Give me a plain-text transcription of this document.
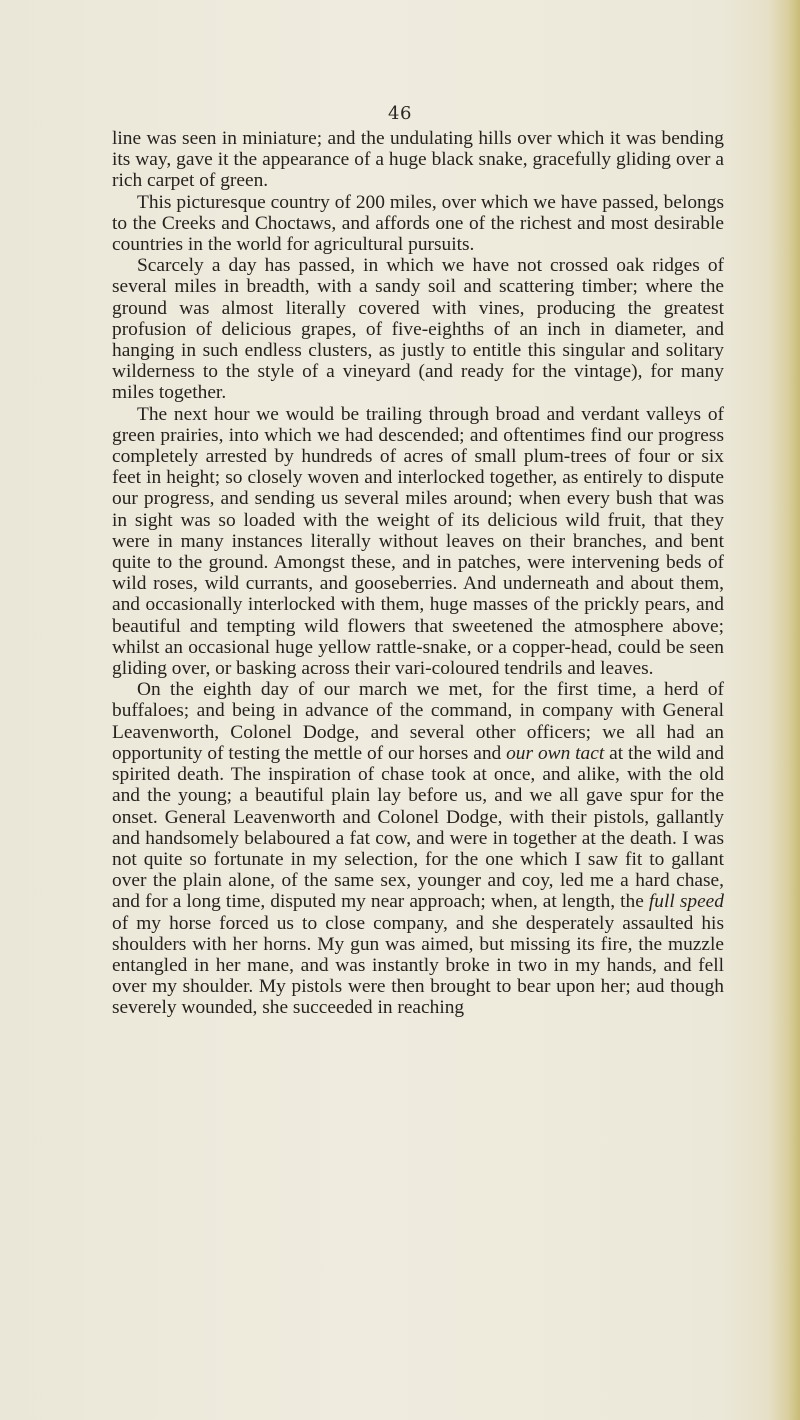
46

line was seen in miniature; and the undulating hills over which it was bending its way, gave it the appearance of a huge black snake, gracefully gliding over a rich carpet of green.

This picturesque country of 200 miles, over which we have passed, belongs to the Creeks and Choctaws, and affords one of the richest and most desirable countries in the world for agricultural pursuits.

Scarcely a day has passed, in which we have not crossed oak ridges of several miles in breadth, with a sandy soil and scattering timber; where the ground was almost literally covered with vines, producing the greatest profusion of delicious grapes, of five-eighths of an inch in diameter, and hanging in such endless clusters, as justly to entitle this singular and solitary wilderness to the style of a vineyard (and ready for the vintage), for many miles together.

The next hour we would be trailing through broad and verdant valleys of green prairies, into which we had descended; and oftentimes find our progress completely arrested by hundreds of acres of small plum-trees of four or six feet in height; so closely woven and interlocked together, as entirely to dispute our progress, and sending us several miles around; when every bush that was in sight was so loaded with the weight of its delicious wild fruit, that they were in many instances literally without leaves on their branches, and bent quite to the ground. Amongst these, and in patches, were intervening beds of wild roses, wild currants, and gooseberries. And underneath and about them, and occasionally interlocked with them, huge masses of the prickly pears, and beautiful and tempting wild flowers that sweetened the atmosphere above; whilst an occasional huge yellow rattle-snake, or a copper-head, could be seen gliding over, or basking across their vari-coloured tendrils and leaves.

On the eighth day of our march we met, for the first time, a herd of buffaloes; and being in advance of the command, in company with General Leavenworth, Colonel Dodge, and several other officers; we all had an opportunity of testing the mettle of our horses and our own tact at the wild and spirited death. The inspiration of chase took at once, and alike, with the old and the young; a beautiful plain lay before us, and we all gave spur for the onset. General Leavenworth and Colonel Dodge, with their pistols, gallantly and handsomely belaboured a fat cow, and were in together at the death. I was not quite so fortunate in my selection, for the one which I saw fit to gallant over the plain alone, of the same sex, younger and coy, led me a hard chase, and for a long time, disputed my near approach; when, at length, the full speed of my horse forced us to close company, and she desperately assaulted his shoulders with her horns. My gun was aimed, but missing its fire, the muzzle entangled in her mane, and was instantly broke in two in my hands, and fell over my shoulder. My pistols were then brought to bear upon her; aud though severely wounded, she succeeded in reaching
